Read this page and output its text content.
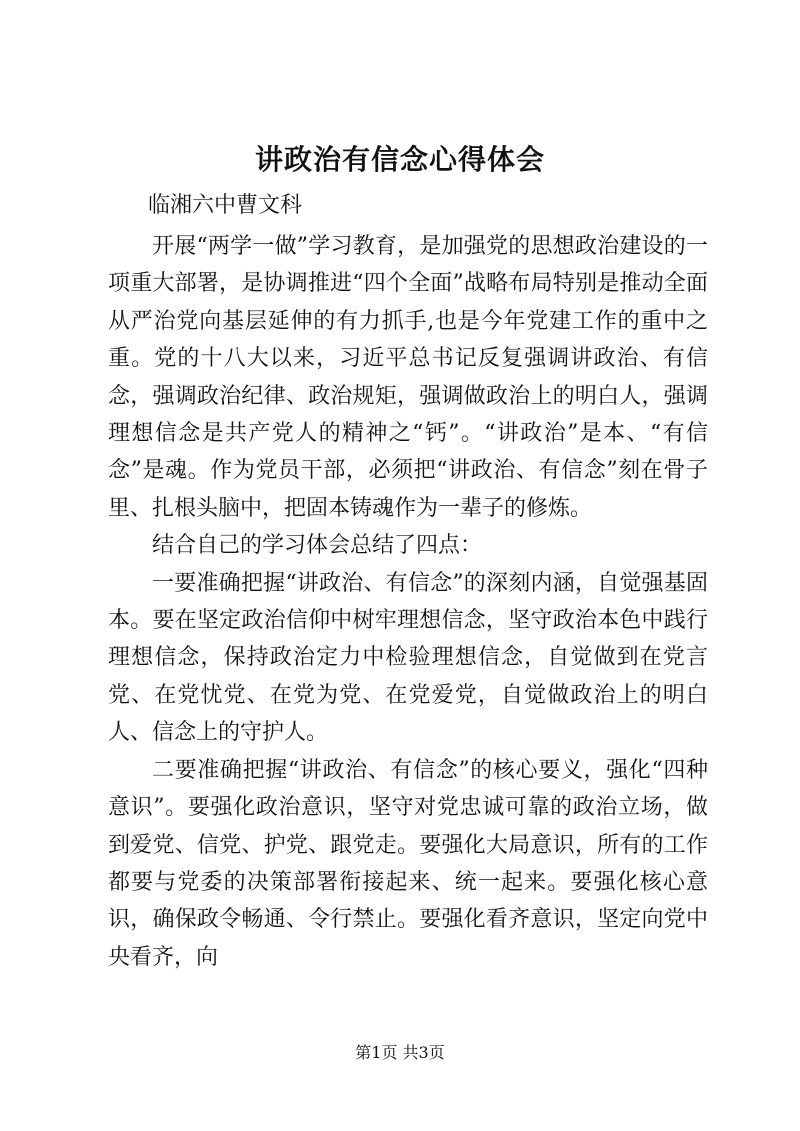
讲政治有信念心得体会
临湘六中曹文科

开展“两学一做”学习教育，是加强党的思想政治建设的一项重大部署，是协调推进“四个全面”战略布局特别是推动全面从严治党向基层延伸的有力抓手,也是今年党建工作的重中之重。党的十八大以来，习近平总书记反复强调讲政治、有信念，强调政治纪律、政治规矩，强调做政治上的明白人，强调理想信念是共产党人的精神之“钙”。“讲政治”是本、“有信念”是魂。作为党员干部，必须把“讲政治、有信念”刻在骨子里、扎根头脑中，把固本铸魂作为一辈子的修炼。

结合自己的学习体会总结了四点：

一要准确把握“讲政治、有信念”的深刻内涵，自觉强基固本。要在坚定政治信仰中树牢理想信念，坚守政治本色中践行理想信念，保持政治定力中检验理想信念，自觉做到在党言党、在党忧党、在党为党、在党爱党，自觉做政治上的明白人、信念上的守护人。

二要准确把握“讲政治、有信念”的核心要义，强化“四种意识”。要强化政治意识，坚守对党忠诚可靠的政治立场，做到爱党、信党、护党、跟党走。要强化大局意识，所有的工作都要与党委的决策部署衔接起来、统一起来。要强化核心意识，确保政令畅通、令行禁止。要强化看齐意识，坚定向党中央看齐，向

第1页 共3页
